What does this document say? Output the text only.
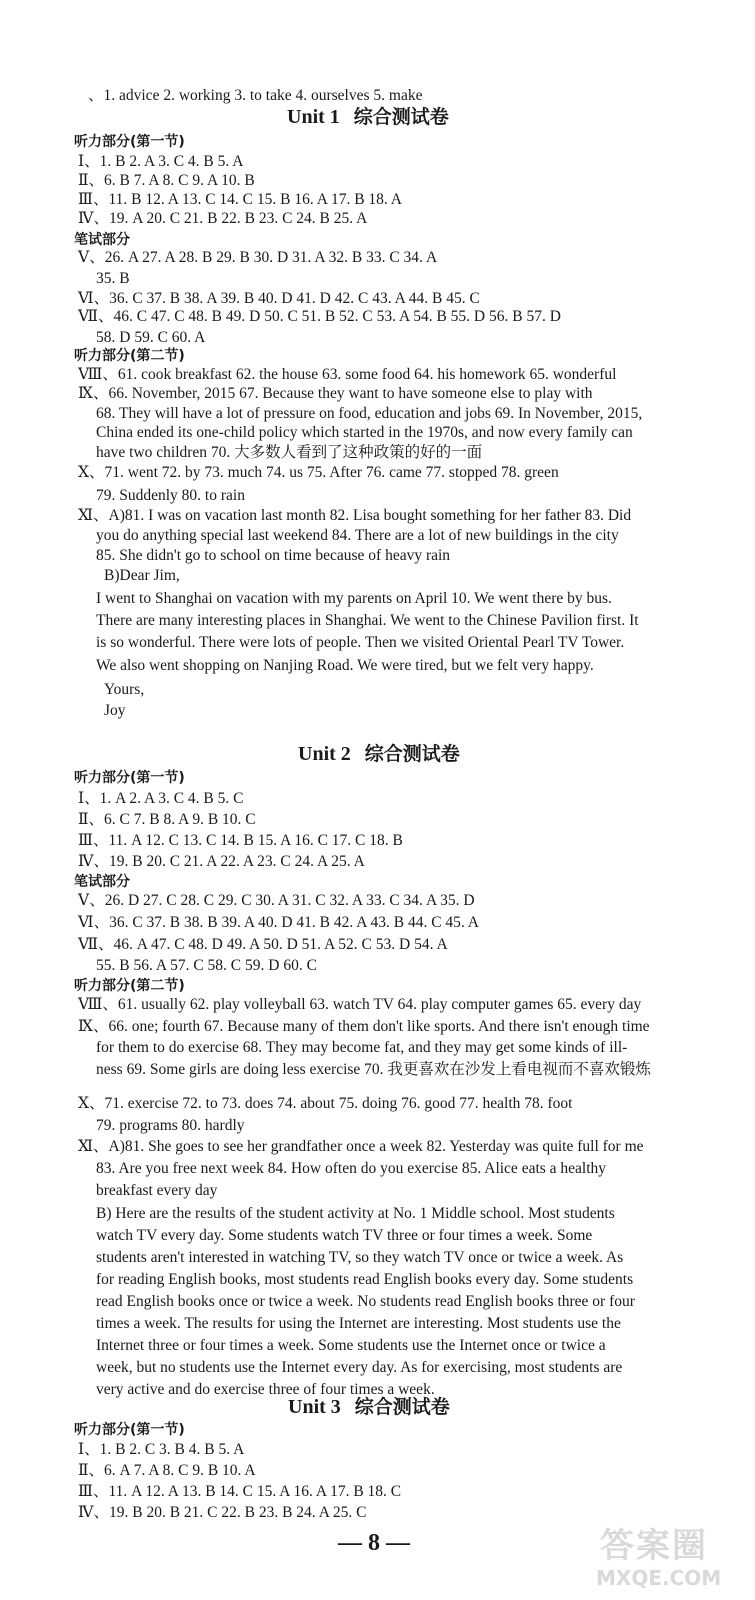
、1. advice 2. working 3. to take 4. ourselves 5. make
Unit 1 综合测试卷
听力部分(第一节)
Ⅰ、1. B 2. A 3. C 4. B 5. A
Ⅱ、6. B 7. A 8. C 9. A 10. B
Ⅲ、11. B 12. A 13. C 14. C 15. B 16. A 17. B 18. A
Ⅳ、19. A 20. C 21. B 22. B 23. C 24. B 25. A
笔试部分
Ⅴ、26. A 27. A 28. B 29. B 30. D 31. A 32. B 33. C 34. A
35. B
Ⅵ、36. C 37. B 38. A 39. B 40. D 41. D 42. C 43. A 44. B 45. C
Ⅶ、46. C 47. C 48. B 49. D 50. C 51. B 52. C 53. A 54. B 55. D 56. B 57. D
58. D 59. C 60. A
听力部分(第二节)
Ⅷ、61. cook breakfast 62. the house 63. some food 64. his homework 65. wonderful
Ⅸ、66. November, 2015 67. Because they want to have someone else to play with
68. They will have a lot of pressure on food, education and jobs 69. In November, 2015,
China ended its one-child policy which started in the 1970s, and now every family can
have two children 70. 大多数人看到了这种政策的好的一面
Ⅹ、71. went 72. by 73. much 74. us 75. After 76. came 77. stopped 78. green
79. Suddenly 80. to rain
Ⅺ、A)81. I was on vacation last month 82. Lisa bought something for her father 83. Did
you do anything special last weekend 84. There are a lot of new buildings in the city
85. She didn't go to school on time because of heavy rain
B)Dear Jim,
I went to Shanghai on vacation with my parents on April 10. We went there by bus.
There are many interesting places in Shanghai. We went to the Chinese Pavilion first. It
is so wonderful. There were lots of people. Then we visited Oriental Pearl TV Tower.
We also went shopping on Nanjing Road. We were tired, but we felt very happy.
Yours,
Joy
Unit 2 综合测试卷
听力部分(第一节)
Ⅰ、1. A 2. A 3. C 4. B 5. C
Ⅱ、6. C 7. B 8. A 9. B 10. C
Ⅲ、11. A 12. C 13. C 14. B 15. A 16. C 17. C 18. B
Ⅳ、19. B 20. C 21. A 22. A 23. C 24. A 25. A
笔试部分
Ⅴ、26. D 27. C 28. C 29. C 30. A 31. C 32. A 33. C 34. A 35. D
Ⅵ、36. C 37. B 38. B 39. A 40. D 41. B 42. A 43. B 44. C 45. A
Ⅶ、46. A 47. C 48. D 49. A 50. D 51. A 52. C 53. D 54. A
55. B 56. A 57. C 58. C 59. D 60. C
听力部分(第二节)
Ⅷ、61. usually 62. play volleyball 63. watch TV 64. play computer games 65. every day
Ⅸ、66. one; fourth 67. Because many of them don't like sports. And there isn't enough time
for them to do exercise 68. They may become fat, and they may get some kinds of ill-
ness 69. Some girls are doing less exercise 70. 我更喜欢在沙发上看电视而不喜欢锻炼
Ⅹ、71. exercise 72. to 73. does 74. about 75. doing 76. good 77. health 78. foot
79. programs 80. hardly
Ⅺ、A)81. She goes to see her grandfather once a week 82. Yesterday was quite full for me
83. Are you free next week 84. How often do you exercise 85. Alice eats a healthy
breakfast every day
B) Here are the results of the student activity at No. 1 Middle school. Most students
watch TV every day. Some students watch TV three or four times a week. Some
students aren't interested in watching TV, so they watch TV once or twice a week. As
for reading English books, most students read English books every day. Some students
read English books once or twice a week. No students read English books three or four
times a week. The results for using the Internet are interesting. Most students use the
Internet three or four times a week. Some students use the Internet once or twice a
week, but no students use the Internet every day. As for exercising, most students are
very active and do exercise three of four times a week.
Unit 3 综合测试卷
听力部分(第一节)
Ⅰ、1. B 2. C 3. B 4. B 5. A
Ⅱ、6. A 7. A 8. C 9. B 10. A
Ⅲ、11. A 12. A 13. B 14. C 15. A 16. A 17. B 18. C
Ⅳ、19. B 20. B 21. C 22. B 23. B 24. A 25. C
— 8 —	答案圈
MXQE.COM
